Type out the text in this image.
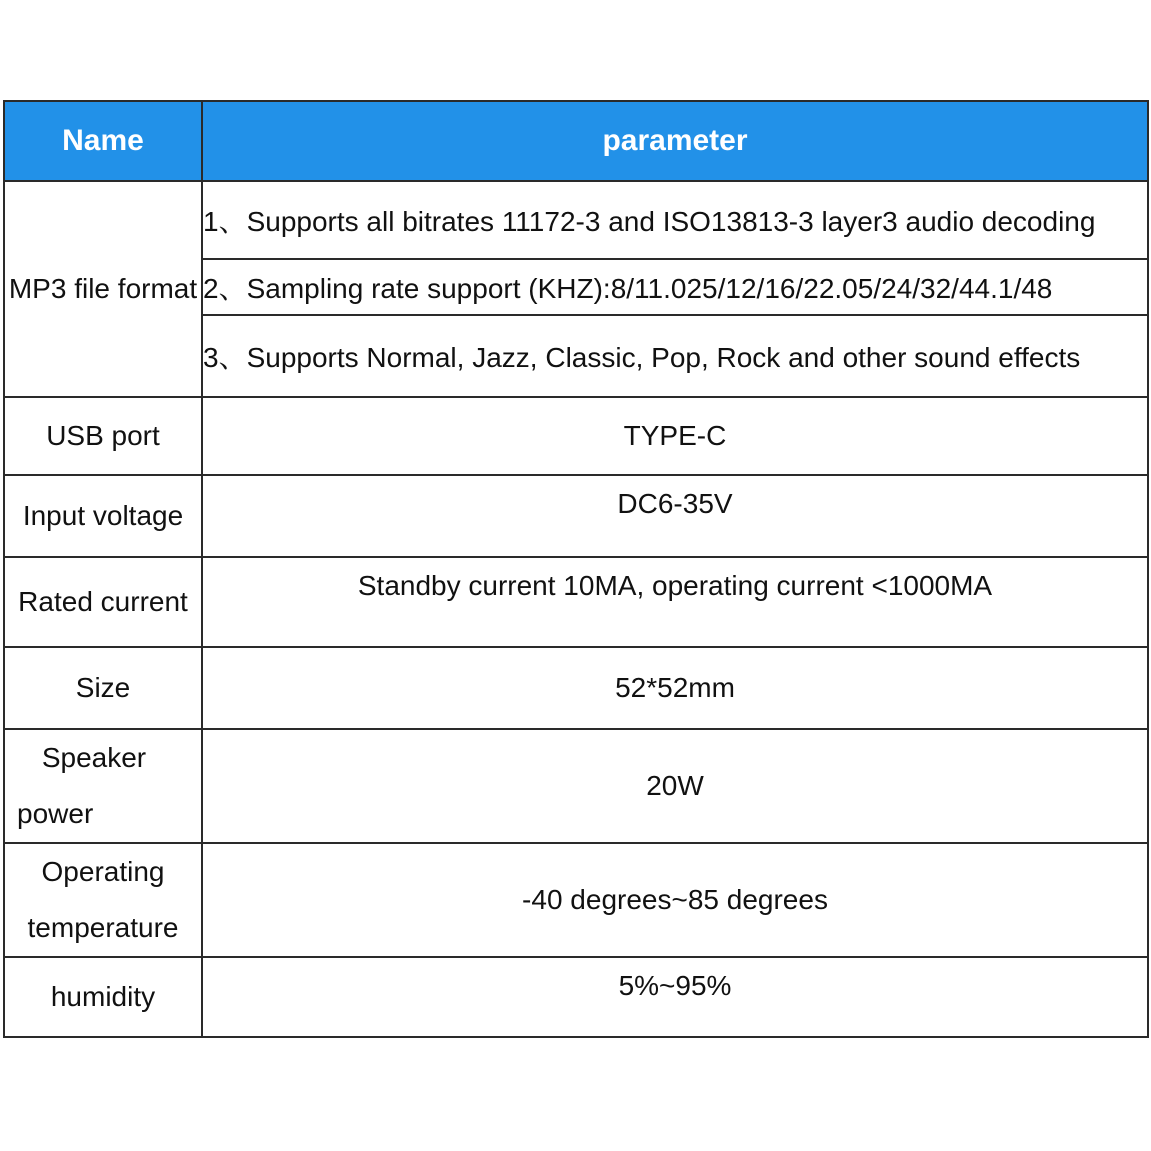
Name	parameter
MP3 file format	1、Supports all bitrates 11172-3 and ISO13813-3 layer3 audio decoding
	2、Sampling rate support (KHZ):8/11.025/12/16/22.05/24/32/44.1/48
	3、Supports Normal, Jazz, Classic, Pop, Rock and other sound effects
USB port	TYPE-C
Input voltage	DC6-35V
Rated current	Standby current 10MA, operating current <1000MA
Size	52*52mm

Speaker
power	20W

Operating
temperature	-40 degrees~85 degrees
humidity	5%~95%
